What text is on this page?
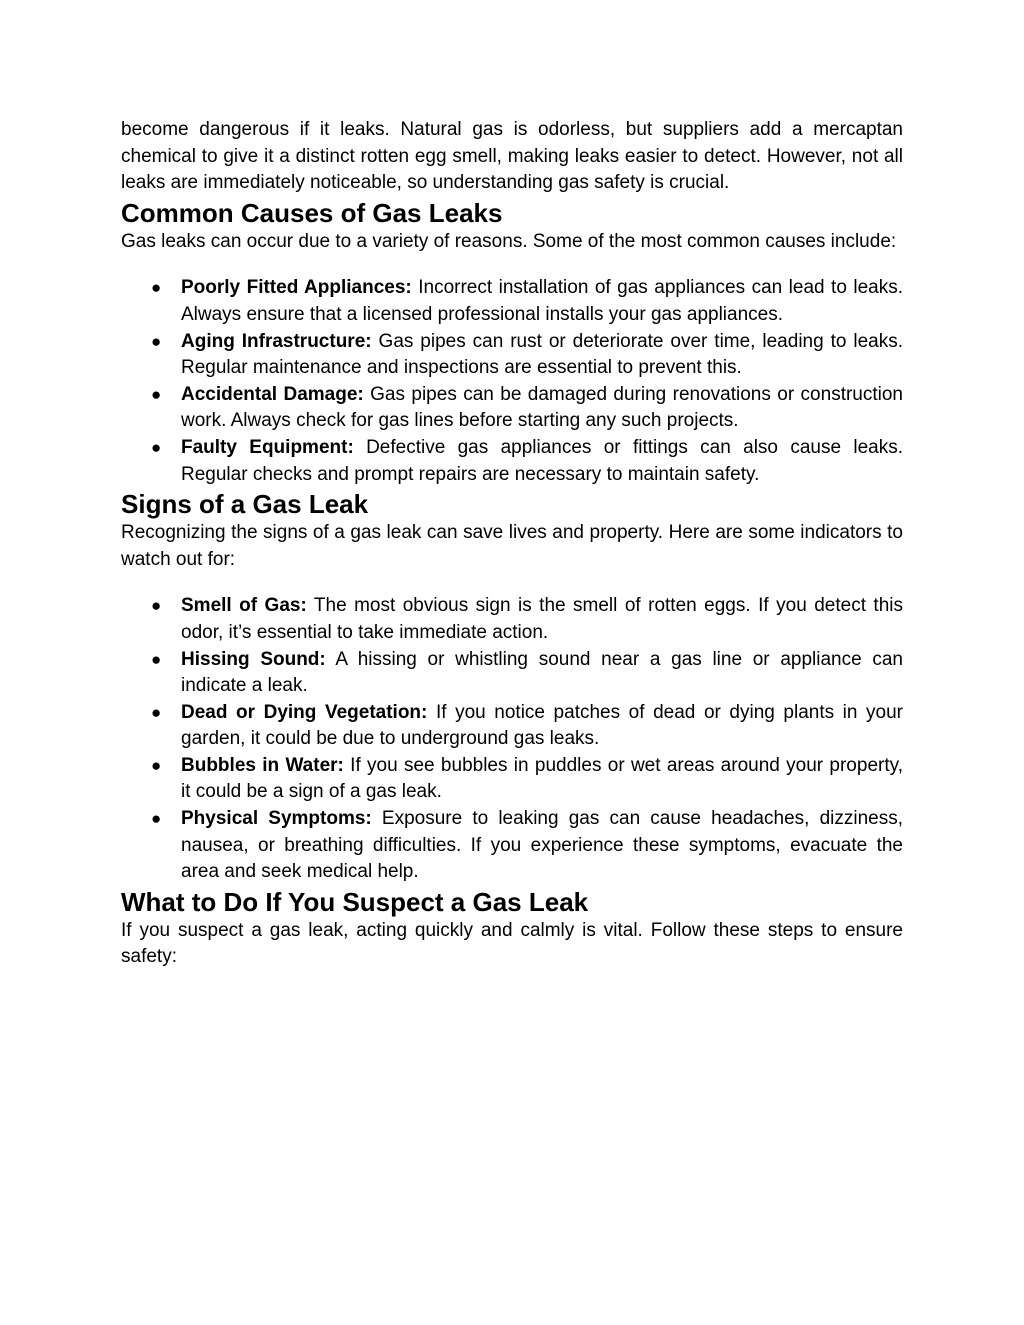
become dangerous if it leaks. Natural gas is odorless, but suppliers add a mercaptan chemical to give it a distinct rotten egg smell, making leaks easier to detect. However, not all leaks are immediately noticeable, so understanding gas safety is crucial.

Common Causes of Gas Leaks

Gas leaks can occur due to a variety of reasons. Some of the most common causes include:

● Poorly Fitted Appliances: Incorrect installation of gas appliances can lead to leaks. Always ensure that a licensed professional installs your gas appliances.
● Aging Infrastructure: Gas pipes can rust or deteriorate over time, leading to leaks. Regular maintenance and inspections are essential to prevent this.
● Accidental Damage: Gas pipes can be damaged during renovations or construction work. Always check for gas lines before starting any such projects.
● Faulty Equipment: Defective gas appliances or fittings can also cause leaks. Regular checks and prompt repairs are necessary to maintain safety.
Signs of a Gas Leak

Recognizing the signs of a gas leak can save lives and property. Here are some indicators to watch out for:

● Smell of Gas: The most obvious sign is the smell of rotten eggs. If you detect this odor, it’s essential to take immediate action.
● Hissing Sound: A hissing or whistling sound near a gas line or appliance can indicate a leak.
● Dead or Dying Vegetation: If you notice patches of dead or dying plants in your garden, it could be due to underground gas leaks.
● Bubbles in Water: If you see bubbles in puddles or wet areas around your property, it could be a sign of a gas leak.
● Physical Symptoms: Exposure to leaking gas can cause headaches, dizziness, nausea, or breathing difficulties. If you experience these symptoms, evacuate the area and seek medical help.
What to Do If You Suspect a Gas Leak

If you suspect a gas leak, acting quickly and calmly is vital. Follow these steps to ensure safety:
